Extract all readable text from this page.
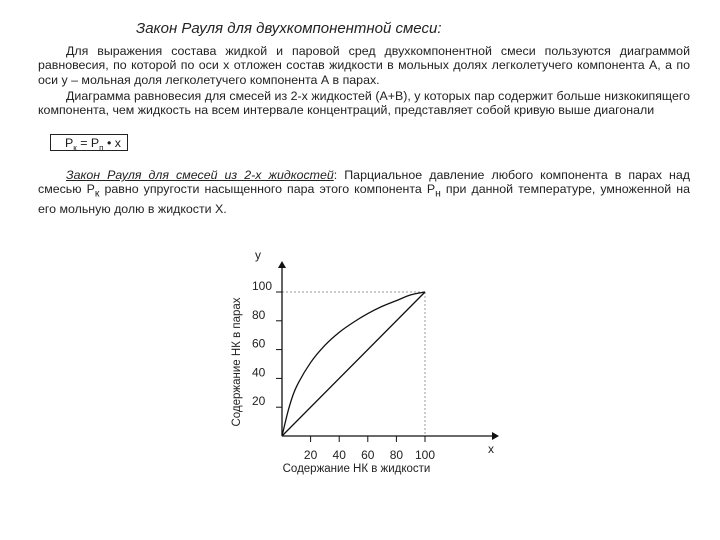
Закон Рауля для двухкомпонентной смеси:
Для выражения состава жидкой и паровой сред двухкомпонентной смеси пользуются диаграммой равновесия, по которой по оси х отложен состав жидкости в мольных долях легколетучего компонента А, а по оси у – мольная доля легколетучего компонента А в парах.
Диаграмма равновесия для смесей из 2-х жидкостей (А+В), у которых пар содержит больше низкокипящего компонента, чем жидкость на всем интервале концентраций, представляет собой кривую выше диагонали
$P_к = P_п$ • x
Закон Рауля для смесей из 2-х жидкостей: Парциальное давление любого компонента в парах над смесью $P_к$ равно упругости насыщенного пара этого компонента $P_н$ при данной температуре, умноженной на его мольную долю в жидкости X.
20 40 60 80 100
20
40
60
80
100
у
х
Содержание НК в жидкости
Содержание НК в парах
